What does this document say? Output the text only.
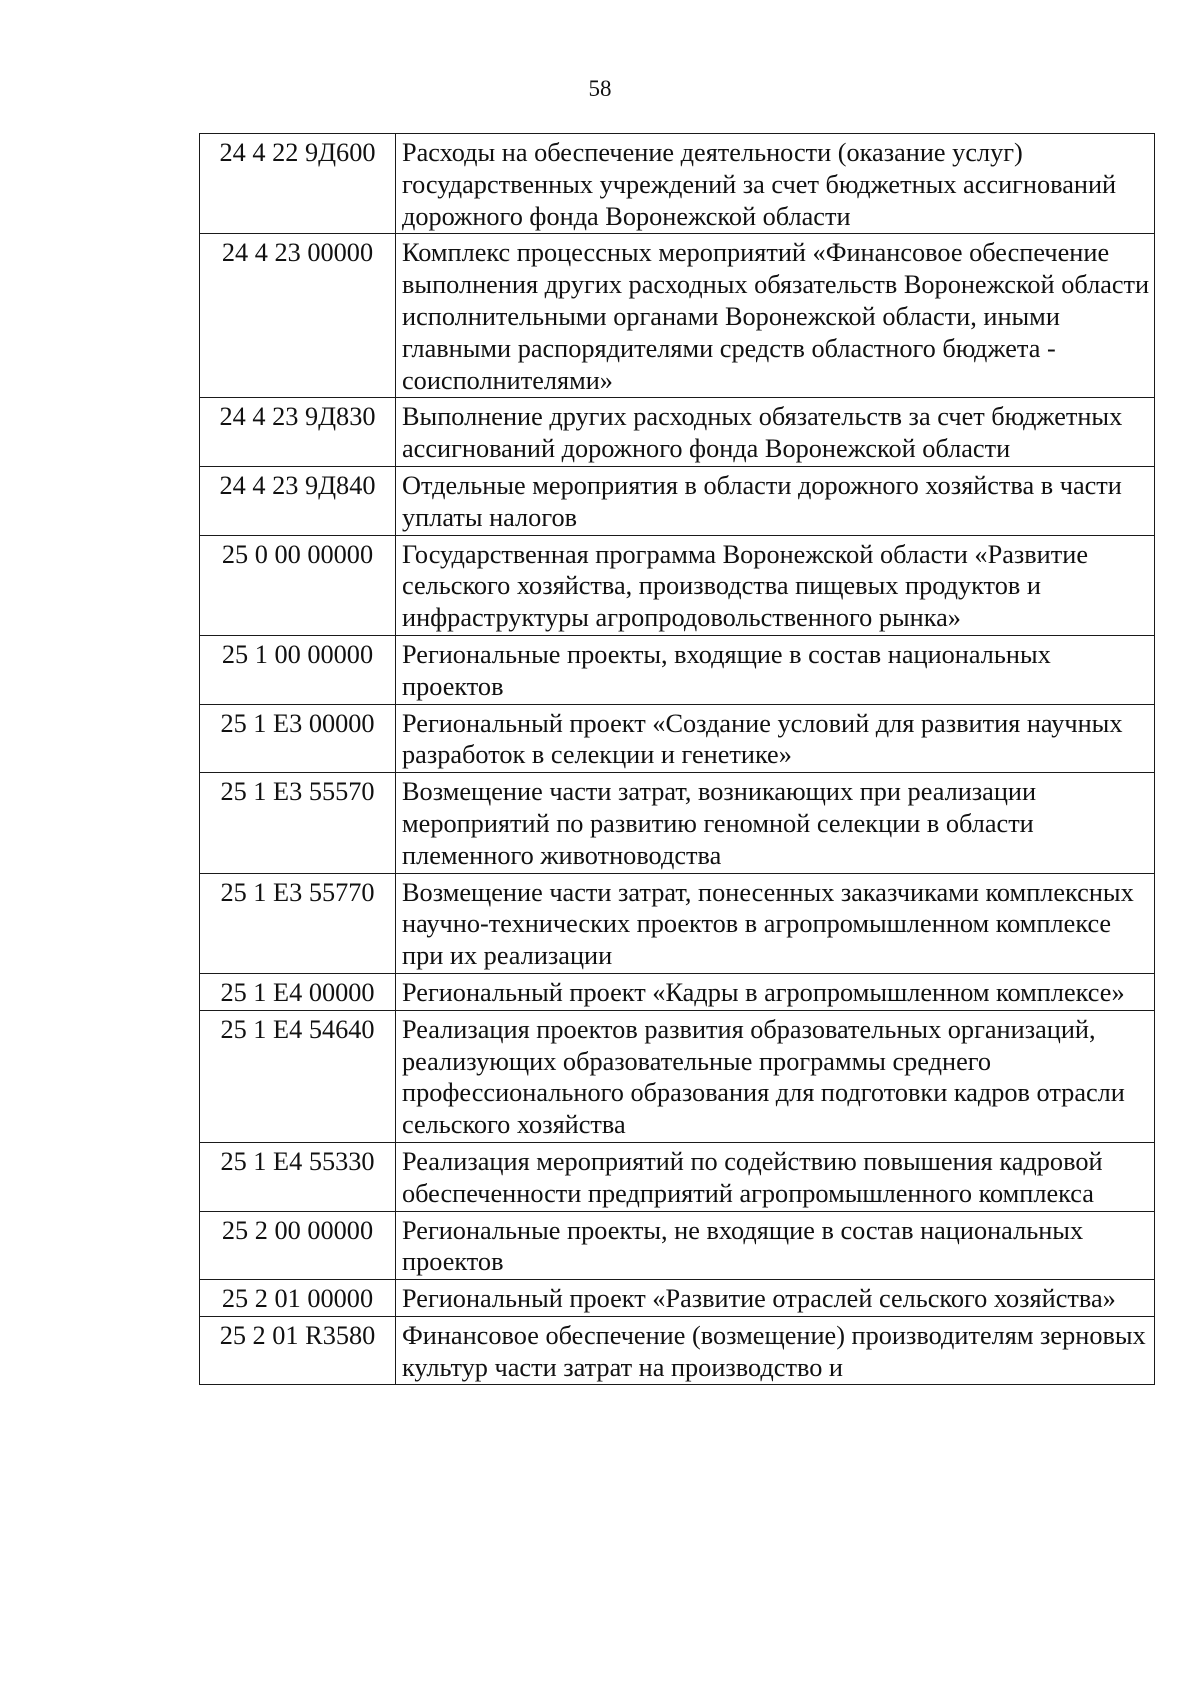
58
24 4 22 9Д600	Расходы на обеспечение деятельности (оказание услуг) государственных учреждений за счет бюджетных ассигнований дорожного фонда Воронежской области
24 4 23 00000	Комплекс процессных мероприятий «Финансовое обеспечение выполнения других расходных обязательств Воронежской области исполнительными органами Воронежской области, иными главными распорядителями средств областного бюджета - соисполнителями»
24 4 23 9Д830	Выполнение других расходных обязательств за счет бюджетных ассигнований дорожного фонда Воронежской области
24 4 23 9Д840	Отдельные мероприятия в области дорожного хозяйства в части уплаты налогов
25 0 00 00000	Государственная программа Воронежской области «Развитие сельского хозяйства, производства пищевых продуктов и инфраструктуры агропродовольственного рынка»
25 1 00 00000	Региональные проекты, входящие в состав национальных проектов
25 1 Е3 00000	Региональный проект «Создание условий для развития научных разработок в селекции и генетике»
25 1 Е3 55570	Возмещение части затрат, возникающих при реализации мероприятий по развитию геномной селекции в области племенного животноводства
25 1 Е3 55770	Возмещение части затрат, понесенных заказчиками комплексных научно-технических проектов в агропромышленном комплексе при их реализации
25 1 Е4 00000	Региональный проект «Кадры в агропромышленном комплексе»
25 1 Е4 54640	Реализация проектов развития образовательных организаций, реализующих образовательные программы среднего профессионального образования для подготовки кадров отрасли сельского хозяйства
25 1 Е4 55330	Реализация мероприятий по содействию повышения кадровой обеспеченности предприятий агропромышленного комплекса
25 2 00 00000	Региональные проекты, не входящие в состав национальных проектов
25 2 01 00000	Региональный проект «Развитие отраслей сельского хозяйства»
25 2 01 R3580	Финансовое обеспечение (возмещение) производителям зерновых культур части затрат на производство и
